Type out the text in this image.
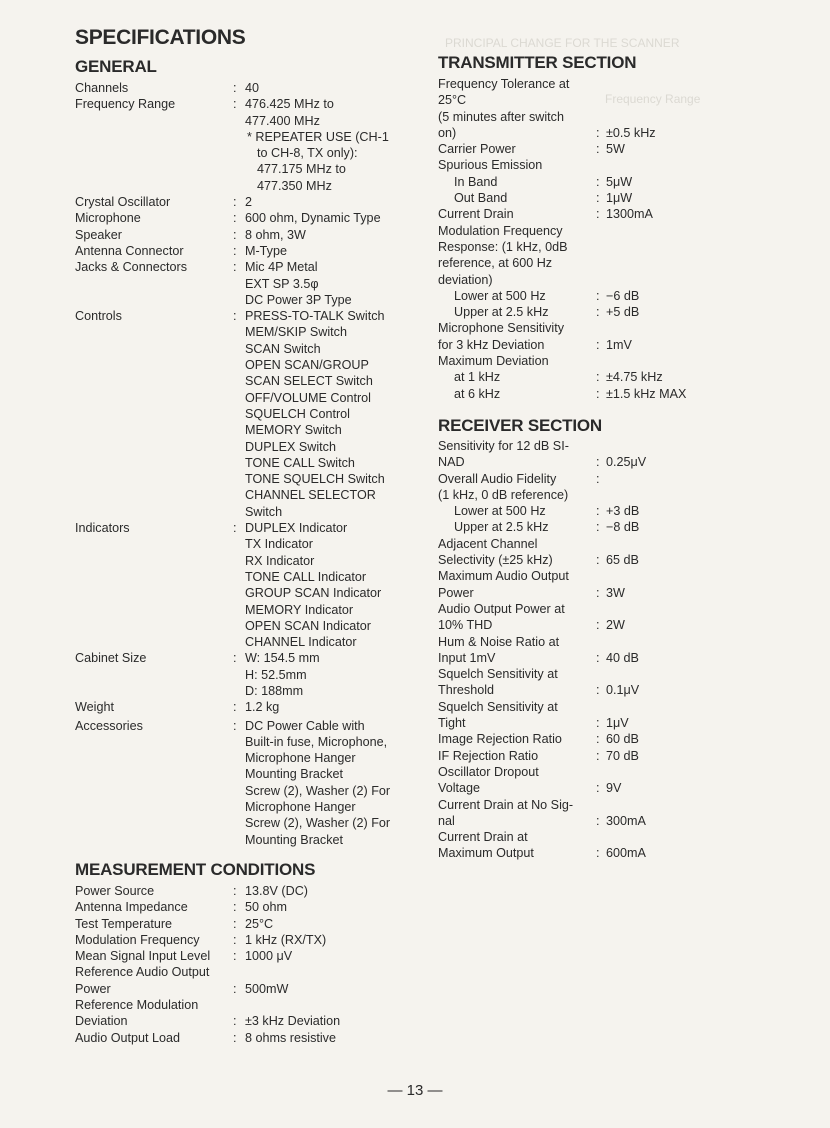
PRINCIPAL CHANGE FOR THE SCANNER
Frequency Range
SPECIFICATIONS
GENERAL
Channels	: 40
Frequency Range	: 476.425 MHz to
477.400 MHz
* REPEATER USE (CH-1
to CH-8, TX only):
477.175 MHz to
477.350 MHz
Crystal Oscillator	: 2
Microphone	: 600 ohm, Dynamic Type
Speaker	: 8 ohm, 3W
Antenna Connector	: M-Type
Jacks & Connectors	: Mic 4P Metal
EXT SP 3.5φ
DC Power 3P Type
Controls	: PRESS-TO-TALK Switch
MEM/SKIP Switch
SCAN Switch
OPEN SCAN/GROUP
SCAN SELECT Switch
OFF/VOLUME Control
SQUELCH Control
MEMORY Switch
DUPLEX Switch
TONE CALL Switch
TONE SQUELCH Switch
CHANNEL SELECTOR
Switch
Indicators	: DUPLEX Indicator
TX Indicator
RX Indicator
TONE CALL Indicator
GROUP SCAN Indicator
MEMORY Indicator
OPEN SCAN Indicator
CHANNEL Indicator
Cabinet Size	: W: 154.5 mm
H: 52.5mm
D: 188mm
Weight	: 1.2 kg
Accessories	: DC Power Cable with
Built-in fuse, Microphone,
Microphone Hanger
Mounting Bracket
Screw (2), Washer (2) For
Microphone Hanger
Screw (2), Washer (2) For
Mounting Bracket
MEASUREMENT CONDITIONS
Power Source	: 13.8V (DC)
Antenna Impedance	: 50 ohm
Test Temperature	: 25°C
Modulation Frequency	: 1 kHz (RX/TX)
Mean Signal Input Level	: 1000 μV
Reference Audio Output
Power	: 500mW
Reference Modulation
Deviation	: ±3 kHz Deviation
Audio Output Load	: 8 ohms resistive
TRANSMITTER SECTION
Frequency Tolerance at
25°C
(5 minutes after switch
on)	: ±0.5 kHz
Carrier Power	: 5W
Spurious Emission
In Band	: 5μW
Out Band	: 1μW
Current Drain	: 1300mA
Modulation Frequency
Response: (1 kHz, 0dB
reference, at 600 Hz
deviation)
Lower at 500 Hz	: −6 dB
Upper at 2.5 kHz	: +5 dB
Microphone Sensitivity
for 3 kHz Deviation	: 1mV
Maximum Deviation
at 1 kHz	: ±4.75 kHz
at 6 kHz	: ±1.5 kHz MAX
RECEIVER SECTION
Sensitivity for 12 dB SI-
NAD	: 0.25μV
Overall Audio Fidelity
(1 kHz, 0 dB reference)
:
Lower at 500 Hz	: +3 dB
Upper at 2.5 kHz	: −8 dB
Adjacent Channel
Selectivity (±25 kHz)	: 65 dB
Maximum Audio Output
Power	: 3W
Audio Output Power at
10% THD	: 2W
Hum & Noise Ratio at
Input 1mV	: 40 dB
Squelch Sensitivity at
Threshold	: 0.1μV
Squelch Sensitivity at
Tight	: 1μV
Image Rejection Ratio	: 60 dB
IF Rejection Ratio	: 70 dB
Oscillator Dropout
Voltage	: 9V
Current Drain at No Sig-
nal	: 300mA
Current Drain at
Maximum Output	: 600mA
— 13 —
